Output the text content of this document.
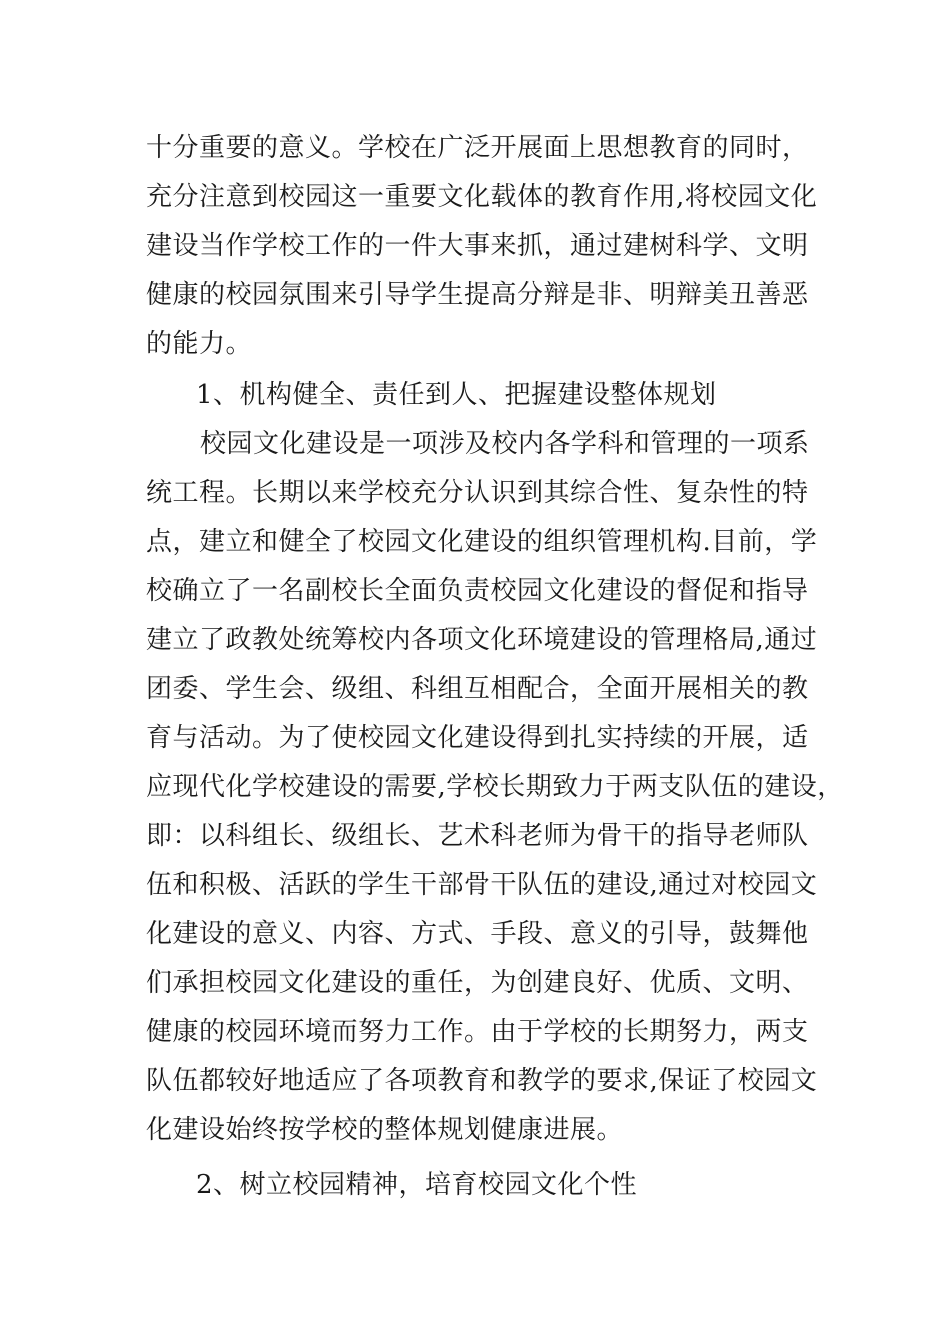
十分重要的意义。学校在广泛开展面上思想教育的同时，
充分注意到校园这一重要文化载体的教育作用,将校园文化
建设当作学校工作的一件大事来抓，通过建树科学、文明
健康的校园氛围来引导学生提高分辩是非、明辩美丑善恶
的能力。
1、机构健全、责任到人、把握建设整体规划
校园文化建设是一项涉及校内各学科和管理的一项系
统工程。长期以来学校充分认识到其综合性、复杂性的特
点，建立和健全了校园文化建设的组织管理机构.目前，学
校确立了一名副校长全面负责校园文化建设的督促和指导
建立了政教处统筹校内各项文化环境建设的管理格局,通过
团委、学生会、级组、科组互相配合，全面开展相关的教
育与活动。为了使校园文化建设得到扎实持续的开展，适
应现代化学校建设的需要,学校长期致力于两支队伍的建设，
即：以科组长、级组长、艺术科老师为骨干的指导老师队
伍和积极、活跃的学生干部骨干队伍的建设,通过对校园文
化建设的意义、内容、方式、手段、意义的引导，鼓舞他
们承担校园文化建设的重任，为创建良好、优质、文明、
健康的校园环境而努力工作。由于学校的长期努力，两支
队伍都较好地适应了各项教育和教学的要求,保证了校园文
化建设始终按学校的整体规划健康进展。
2、树立校园精神，培育校园文化个性
